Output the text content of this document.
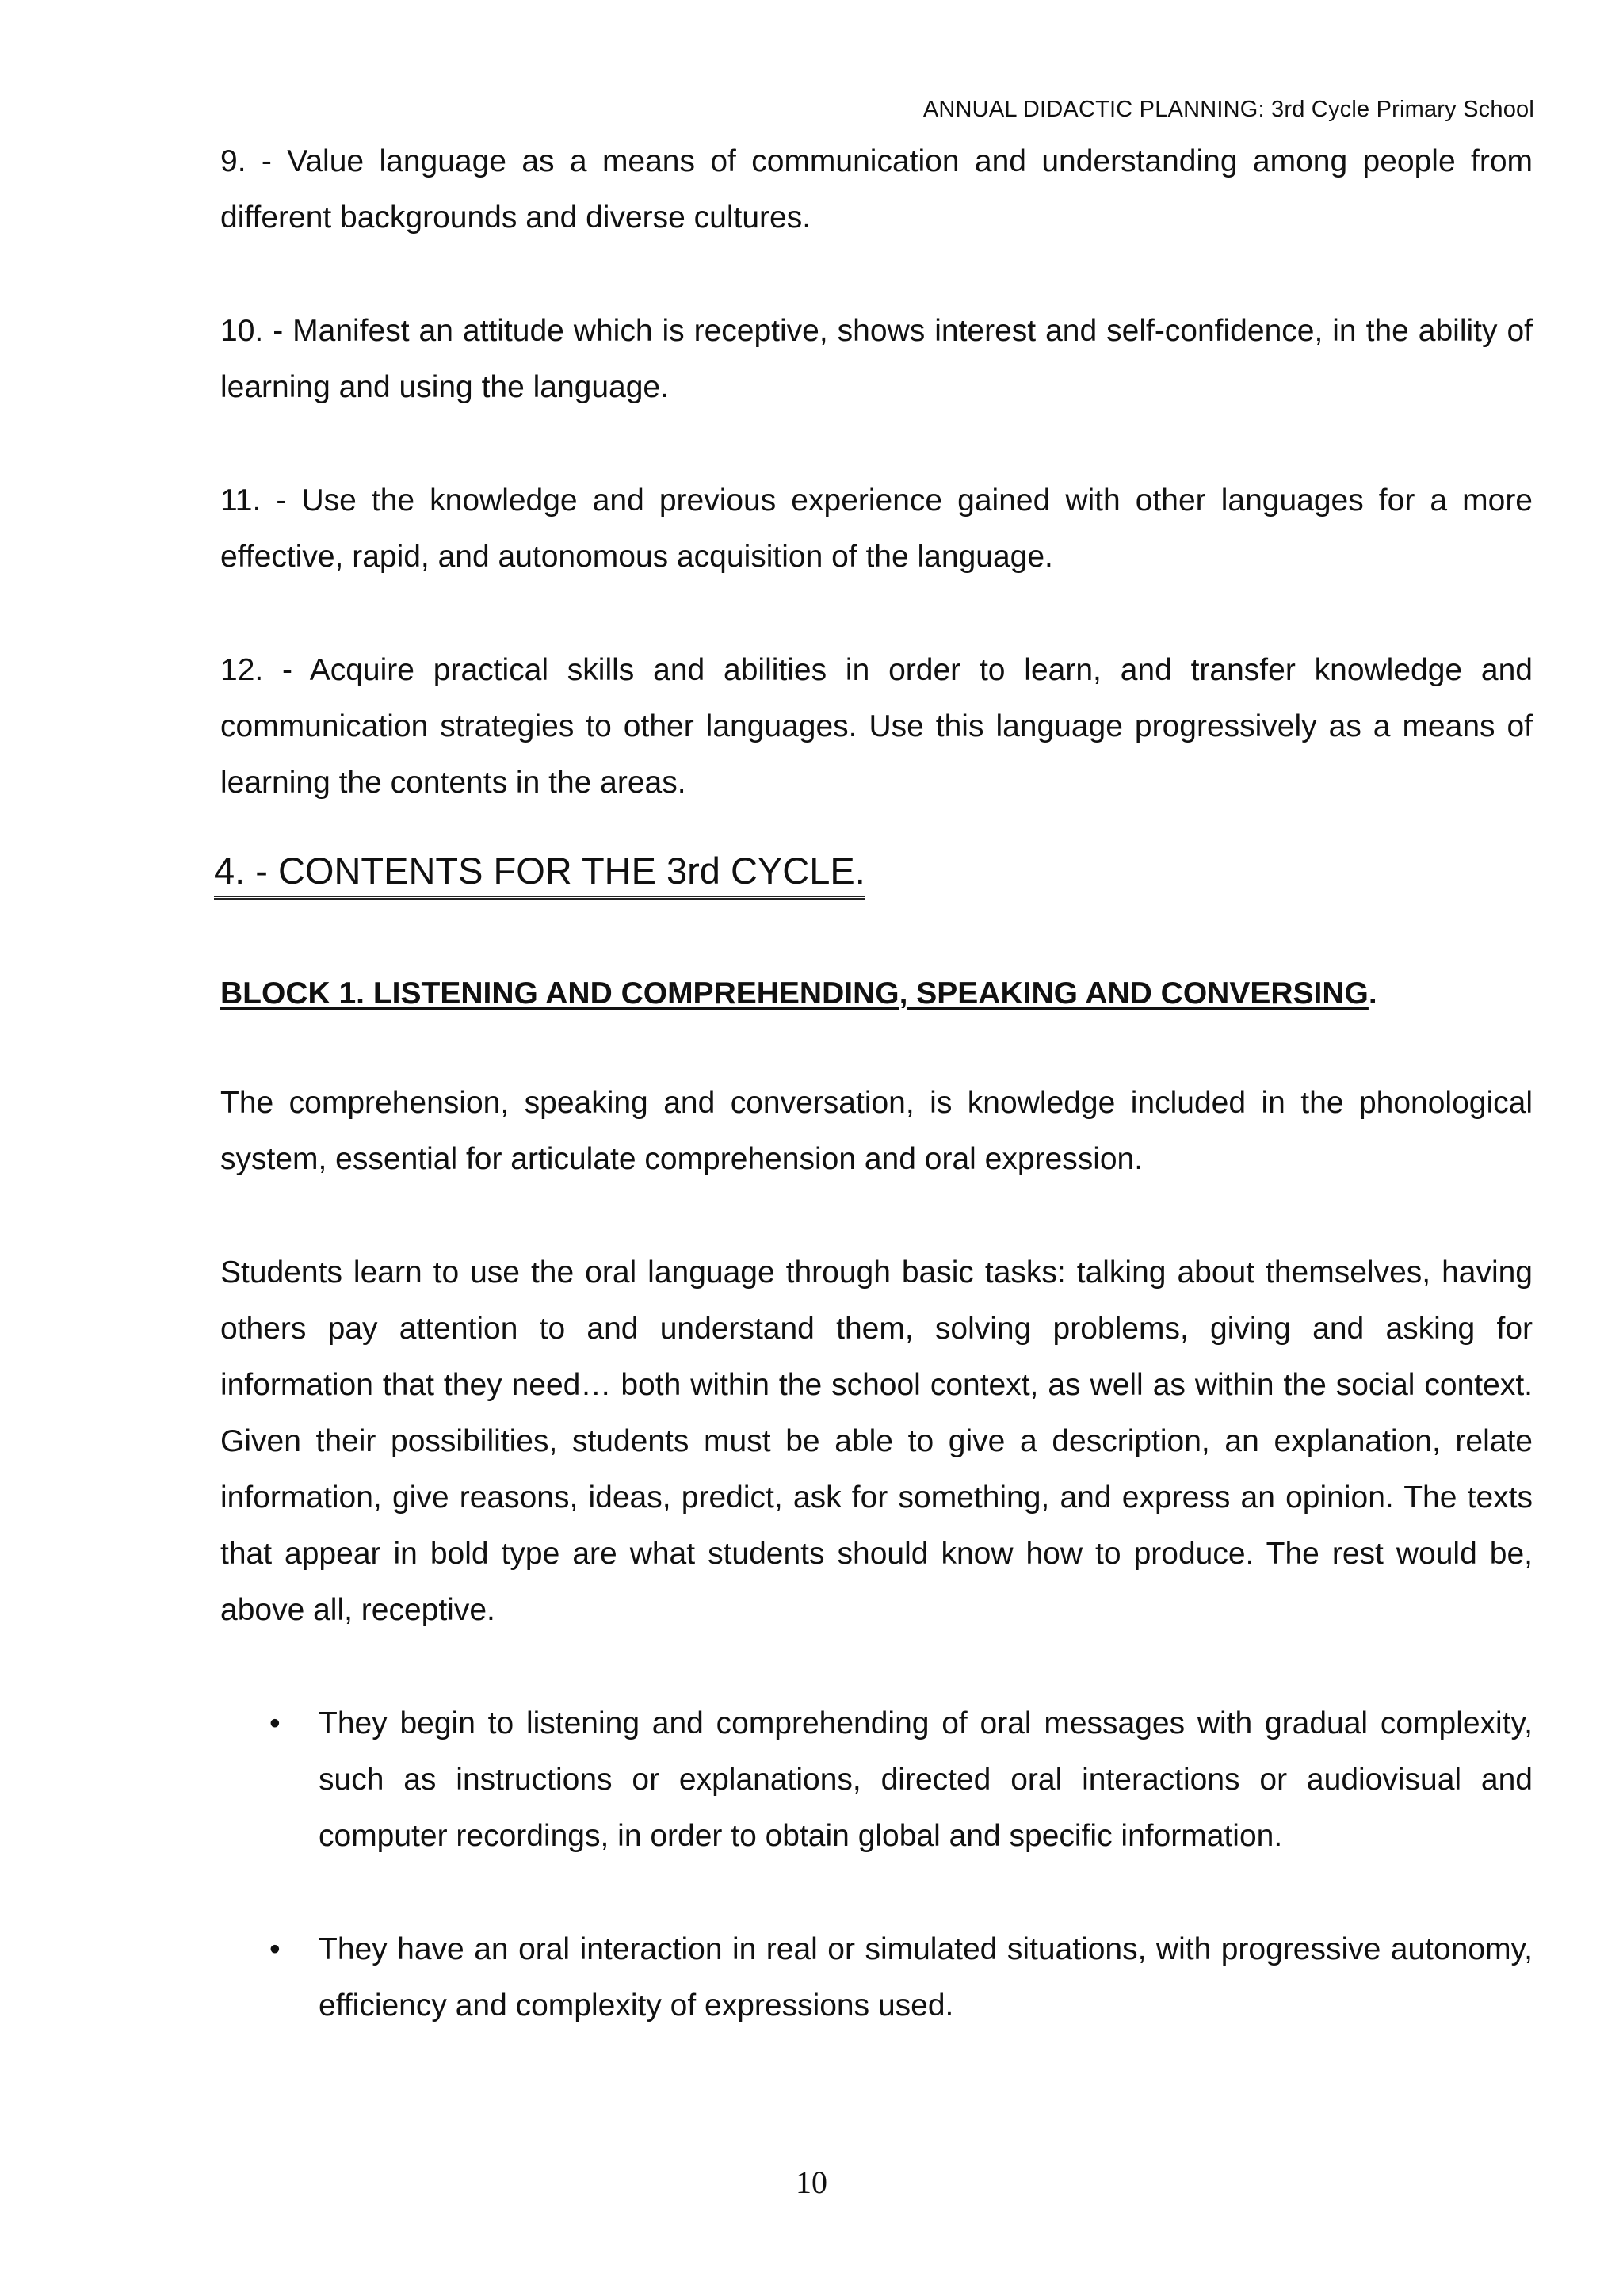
ANNUAL DIDACTIC PLANNING: 3rd Cycle Primary School

9. - Value language as a means of communication and understanding among people from different backgrounds and diverse cultures.

10. - Manifest an attitude which is receptive, shows interest and self-confidence, in the ability of learning and using the language.

11. - Use the knowledge and previous experience gained with other languages for a more effective, rapid, and autonomous acquisition of the language.

12. - Acquire practical skills and abilities in order to learn, and transfer knowledge and communication strategies to other languages. Use this language progressively as a means of learning the contents in the areas.

4. - CONTENTS FOR THE 3rd CYCLE.
BLOCK 1. LISTENING AND COMPREHENDING, SPEAKING AND CONVERSING.

The comprehension, speaking and conversation, is knowledge included in the phonological system, essential for articulate comprehension and oral expression.

Students learn to use the oral language through basic tasks: talking about themselves, having others pay attention to and understand them, solving problems, giving and asking for information that they need… both within the school context, as well as within the social context. Given their possibilities, students must be able to give a description, an explanation, relate information, give reasons, ideas, predict, ask for something, and express an opinion. The texts that appear in bold type are what students should know how to produce. The rest would be, above all, receptive.

• They begin to listening and comprehending of oral messages with gradual complexity, such as instructions or explanations, directed oral interactions or audiovisual and computer recordings, in order to obtain global and specific information.
• They have an oral interaction in real or simulated situations, with progressive autonomy, efficiency and complexity of expressions used.
10
